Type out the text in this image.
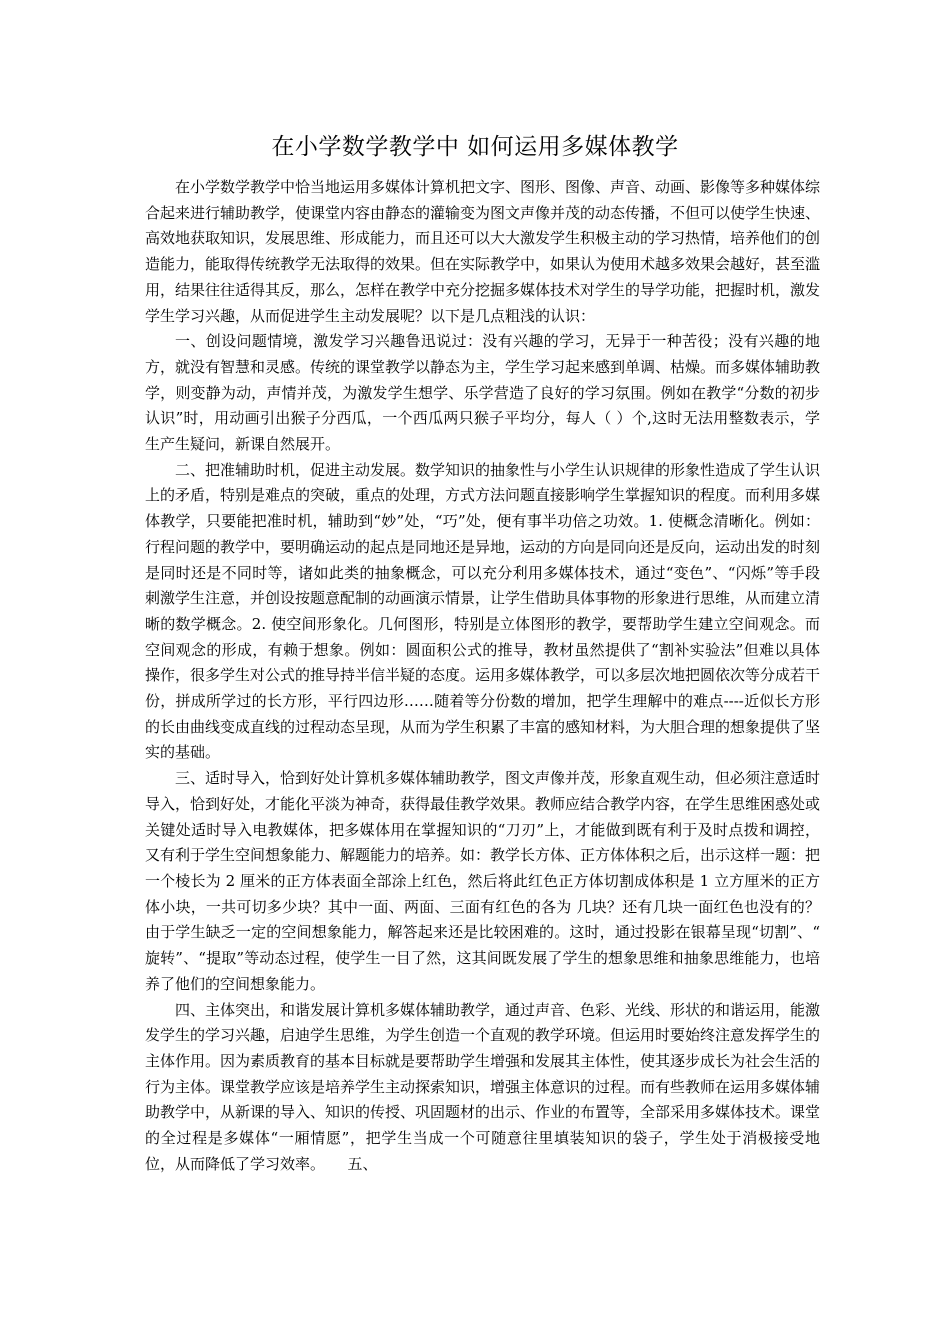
在小学数学教学中 如何运用多媒体教学

在小学数学教学中恰当地运用多媒体计算机把文字、图形、图像、声音、动画、影像等多种媒体综合起来进行辅助教学，使课堂内容由静态的灌输变为图文声像并茂的动态传播，不但可以使学生快速、高效地获取知识，发展思维、形成能力，而且还可以大大激发学生积极主动的学习热情，培养他们的创造能力，能取得传统教学无法取得的效果。但在实际教学中，如果认为使用术越多效果会越好，甚至滥用，结果往往适得其反，那么，怎样在教学中充分挖掘多媒体技术对学生的导学功能，把握时机，激发学生学习兴趣，从而促进学生主动发展呢？以下是几点粗浅的认识：

一、创设问题情境，激发学习兴趣鲁迅说过：没有兴趣的学习，无异于一种苦役；没有兴趣的地方，就没有智慧和灵感。传统的课堂教学以静态为主，学生学习起来感到单调、枯燥。而多媒体辅助教学，则变静为动，声情并茂，为激发学生想学、乐学营造了良好的学习氛围。例如在教学“分数的初步认识”时，用动画引出猴子分西瓜，一个西瓜两只猴子平均分，每人（ ）个,这时无法用整数表示，学生产生疑问，新课自然展开。

二、把准辅助时机，促进主动发展。数学知识的抽象性与小学生认识规律的形象性造成了学生认识上的矛盾，特别是难点的突破，重点的处理，方式方法问题直接影响学生掌握知识的程度。而利用多媒体教学，只要能把准时机，辅助到“妙”处，“巧”处，便有事半功倍之功效。1. 使概念清晰化。例如：行程问题的教学中，要明确运动的起点是同地还是异地，运动的方向是同向还是反向，运动出发的时刻是同时还是不同时等，诸如此类的抽象概念，可以充分利用多媒体技术，通过“变色”、“闪烁”等手段刺激学生注意，并创设按题意配制的动画演示情景，让学生借助具体事物的形象进行思维，从而建立清晰的数学概念。2. 使空间形象化。几何图形，特别是立体图形的教学，要帮助学生建立空间观念。而空间观念的形成，有赖于想象。例如：圆面积公式的推导，教材虽然提供了“割补实验法”但难以具体操作，很多学生对公式的推导持半信半疑的态度。运用多媒体教学，可以多层次地把圆依次等分成若干份，拼成所学过的长方形，平行四边形……随着等分份数的增加，把学生理解中的难点----近似长方形的长由曲线变成直线的过程动态呈现，从而为学生积累了丰富的感知材料，为大胆合理的想象提供了坚实的基础。

三、适时导入，恰到好处计算机多媒体辅助教学，图文声像并茂，形象直观生动，但必须注意适时导入，恰到好处，才能化平淡为神奇，获得最佳教学效果。教师应结合教学内容，在学生思维困惑处或关键处适时导入电教媒体，把多媒体用在掌握知识的“刀刃”上，才能做到既有利于及时点拨和调控，又有利于学生空间想象能力、解题能力的培养。如：教学长方体、正方体体积之后，出示这样一题：把一个棱长为 2 厘米的正方体表面全部涂上红色，然后将此红色正方体切割成体积是 1 立方厘米的正方体小块，一共可切多少块？其中一面、两面、三面有红色的各为 几块？还有几块一面红色也没有的？由于学生缺乏一定的空间想象能力，解答起来还是比较困难的。这时，通过投影在银幕呈现“切割”、“ 旋转”、“提取”等动态过程，使学生一目了然，这其间既发展了学生的想象思维和抽象思维能力，也培养了他们的空间想象能力。

四、主体突出，和谐发展计算机多媒体辅助教学，通过声音、色彩、光线、形状的和谐运用，能激发学生的学习兴趣，启迪学生思维，为学生创造一个直观的教学环境。但运用时要始终注意发挥学生的主体作用。因为素质教育的基本目标就是要帮助学生增强和发展其主体性，使其逐步成长为社会生活的行为主体。课堂教学应该是培养学生主动探索知识，增强主体意识的过程。而有些教师在运用多媒体辅助教学中，从新课的导入、知识的传授、巩固题材的出示、作业的布置等，全部采用多媒体技术。课堂的全过程是多媒体“一厢情愿”，把学生当成一个可随意往里填装知识的袋子，学生处于消极接受地位，从而降低了学习效率。　　五、
